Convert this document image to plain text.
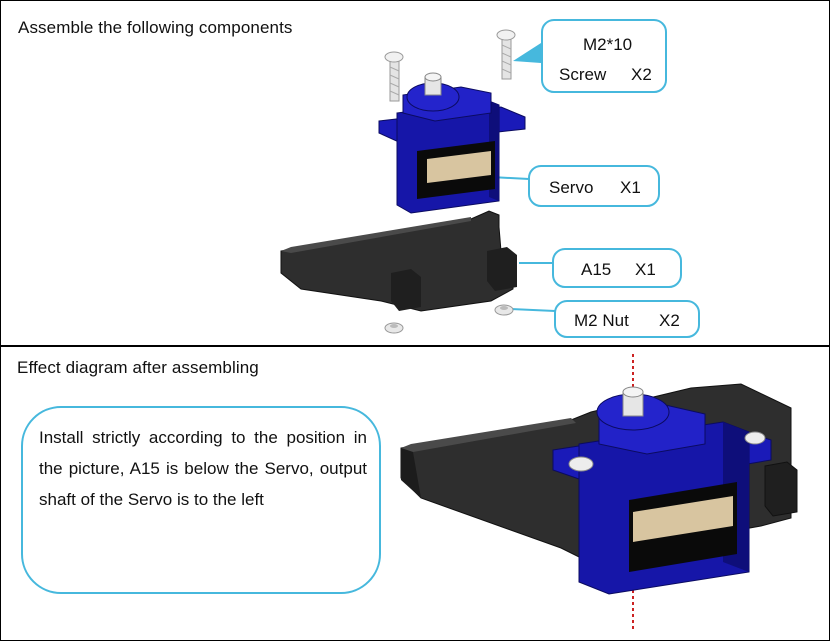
Assemble the following components
M2*10
Screw X2
Servo X1
A15 X1
M2 Nut X2
Effect diagram after assembling
Install strictly according to the position in the picture, A15 is below the Servo, output shaft of the Servo is to the left
